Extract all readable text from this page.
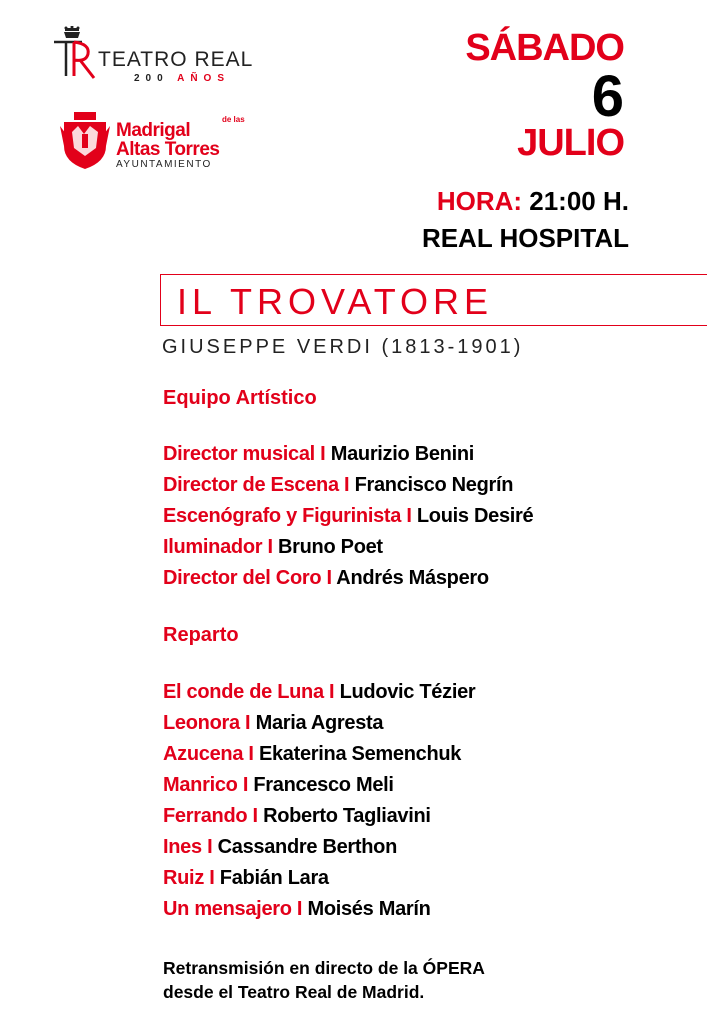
TEATRO REAL
200 AÑOS
Madrigal
de las
Altas Torres
AYUNTAMIENTO
SÁBADO
6
JULIO
HORA: 21:00 H.
REAL HOSPITAL
IL TROVATORE
GIUSEPPE VERDI (1813-1901)
Equipo Artístico
Director musical I Maurizio Benini
Director de Escena I Francisco Negrín
Escenógrafo y Figurinista I Louis Desiré
Iluminador I Bruno Poet
Director del Coro I Andrés Máspero
Reparto
El conde de Luna I Ludovic Tézier
Leonora I Maria Agresta
Azucena I Ekaterina Semenchuk
Manrico I Francesco Meli
Ferrando I Roberto Tagliavini
Ines I Cassandre Berthon
Ruiz I Fabián Lara
Un mensajero I Moisés Marín
Retransmisión en directo de la ÓPERA
desde el Teatro Real de Madrid.
